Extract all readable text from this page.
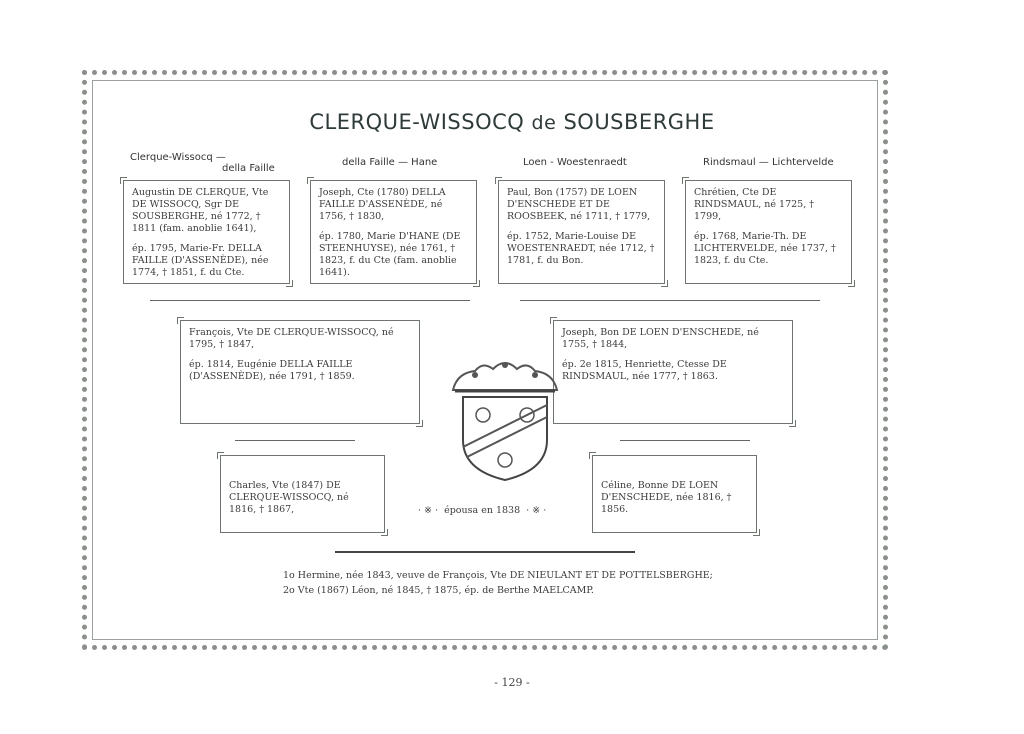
CLERQUE-WISSOCQ de SOUSBERGHE
Clerque-Wissocq —
della Faille
della Faille — Hane	Loen - Woestenraedt	Rindsmaul — Lichtervelde

Augustin DE CLERQUE, Vte DE WISSOCQ, Sgr DE SOUSBERGHE, né 1772, † 1811 (fam. anoblie 1641),

ép. 1795, Marie-Fr. DELLA FAILLE (D'ASSENÈDE), née 1774, † 1851, f. du Cte.

Joseph, Cte (1780) DELLA FAILLE D'ASSENÈDE, né 1756, † 1830,

ép. 1780, Marie D'HANE (DE STEENHUYSE), née 1761, † 1823, f. du Cte (fam. anoblie 1641).

Paul, Bon (1757) DE LOEN D'ENSCHEDE ET DE ROOSBEEK, né 1711, † 1779,

ép. 1752, Marie-Louise DE WOESTENRAEDT, née 1712, † 1781, f. du Bon.

Chrétien, Cte DE RINDSMAUL, né 1725, † 1799,

ép. 1768, Marie-Th. DE LICHTERVELDE, née 1737, † 1823, f. du Cte.

François, Vte DE CLERQUE-WISSOCQ, né 1795, † 1847,

ép. 1814, Eugénie DELLA FAILLE (D'ASSENÈDE), née 1791, † 1859.

Joseph, Bon DE LOEN D'ENSCHEDE, né 1755, † 1844,

ép. 2e 1815, Henriette, Ctesse DE RINDSMAUL, née 1777, † 1863.

Charles, Vte (1847) DE CLERQUE-WISSOCQ, né 1816, † 1867,

Céline, Bonne DE LOEN D'ENSCHEDE, née 1816, † 1856.

· ※ ·  épousa en 1838  · ※ ·
1o Hermine, née 1843, veuve de François, Vte DE NIEULANT ET DE POTTELSBERGHE;
2o Vte (1867) Léon, né 1845, † 1875, ép. de Berthe MAELCAMP.
- 129 -
